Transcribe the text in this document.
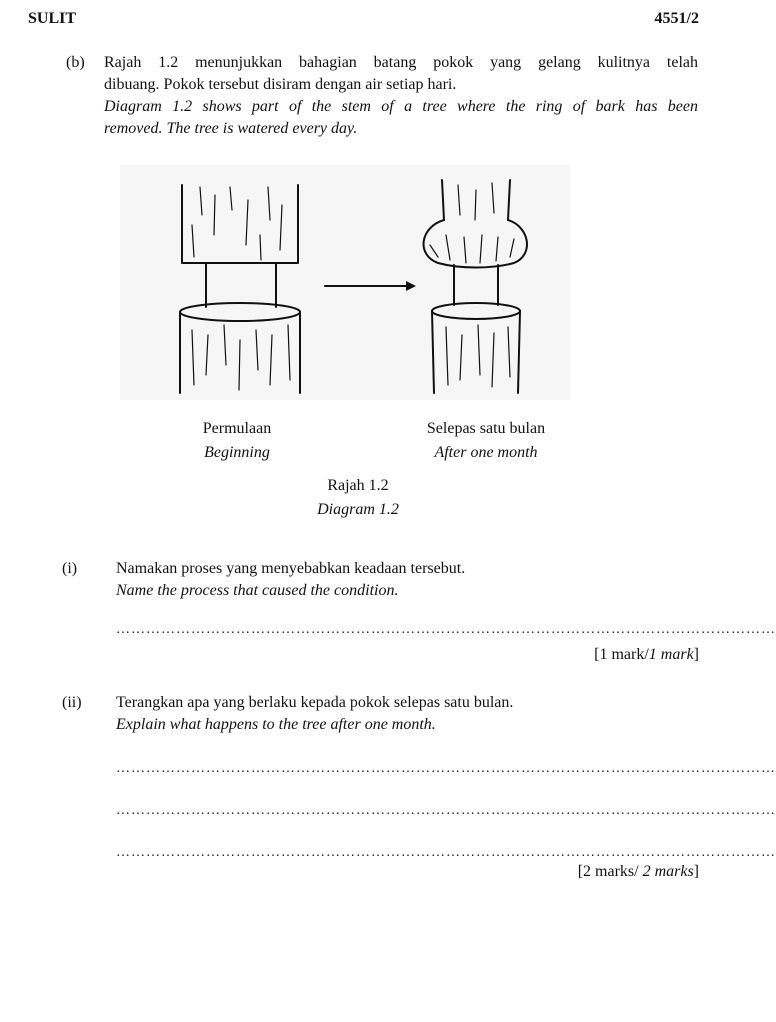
SULIT	4551/2
(b) Rajah 1.2 menunjukkan bahagian batang pokok yang gelang kulitnya telah
dibuang. Pokok tersebut disiram dengan air setiap hari.
Diagram 1.2 shows part of the stem of a tree where the ring of bark has been
removed. The tree is watered every day.
Permulaan
Beginning
Selepas satu bulan
After one month
Rajah 1.2
Diagram 1.2
(i) Namakan proses yang menyebabkan keadaan tersebut.
Name the process that caused the condition.
……………………………………………………………………………………………………………………
[1 mark/1 mark]
(ii) Terangkan apa yang berlaku kepada pokok selepas satu bulan.
Explain what happens to the tree after one month.
……………………………………………………………………………………………………………………
……………………………………………………………………………………………………………………
……………………………………………………………………………………………………………………
[2 marks/ 2 marks]
